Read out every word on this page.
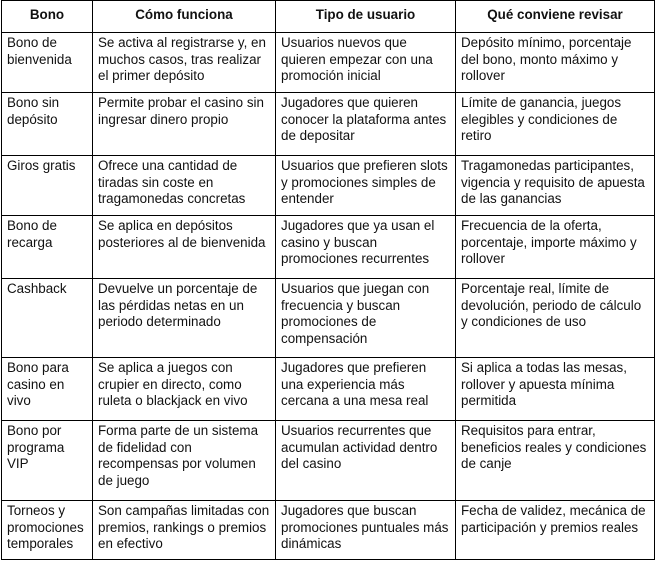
Bono	Cómo funciona	Tipo de usuario	Qué conviene revisar
Bono de bienvenida	Se activa al registrarse y, en muchos casos, tras realizar el primer depósito	Usuarios nuevos que quieren empezar con una promoción inicial	Depósito mínimo, porcentaje del bono, monto máximo y rollover
Bono sin depósito	Permite probar el casino sin ingresar dinero propio	Jugadores que quieren conocer la plataforma antes de depositar	Límite de ganancia, juegos elegibles y condiciones de retiro
Giros gratis	Ofrece una cantidad de tiradas sin coste en tragamonedas concretas	Usuarios que prefieren slots y promociones simples de entender	Tragamonedas participantes, vigencia y requisito de apuesta de las ganancias
Bono de recarga	Se aplica en depósitos posteriores al de bienvenida	Jugadores que ya usan el casino y buscan promociones recurrentes	Frecuencia de la oferta, porcentaje, importe máximo y rollover
Cashback	Devuelve un porcentaje de las pérdidas netas en un periodo determinado	Usuarios que juegan con frecuencia y buscan promociones de compensación	Porcentaje real, límite de devolución, periodo de cálculo y condiciones de uso
Bono para casino en vivo	Se aplica a juegos con crupier en directo, como ruleta o blackjack en vivo	Jugadores que prefieren una experiencia más cercana a una mesa real	Si aplica a todas las mesas, rollover y apuesta mínima permitida
Bono por programa VIP	Forma parte de un sistema de fidelidad con recompensas por volumen de juego	Usuarios recurrentes que acumulan actividad dentro del casino	Requisitos para entrar, beneficios reales y condiciones de canje
Torneos y promociones temporales	Son campañas limitadas con premios, rankings o premios en efectivo	Jugadores que buscan promociones puntuales más dinámicas	Fecha de validez, mecánica de participación y premios reales
